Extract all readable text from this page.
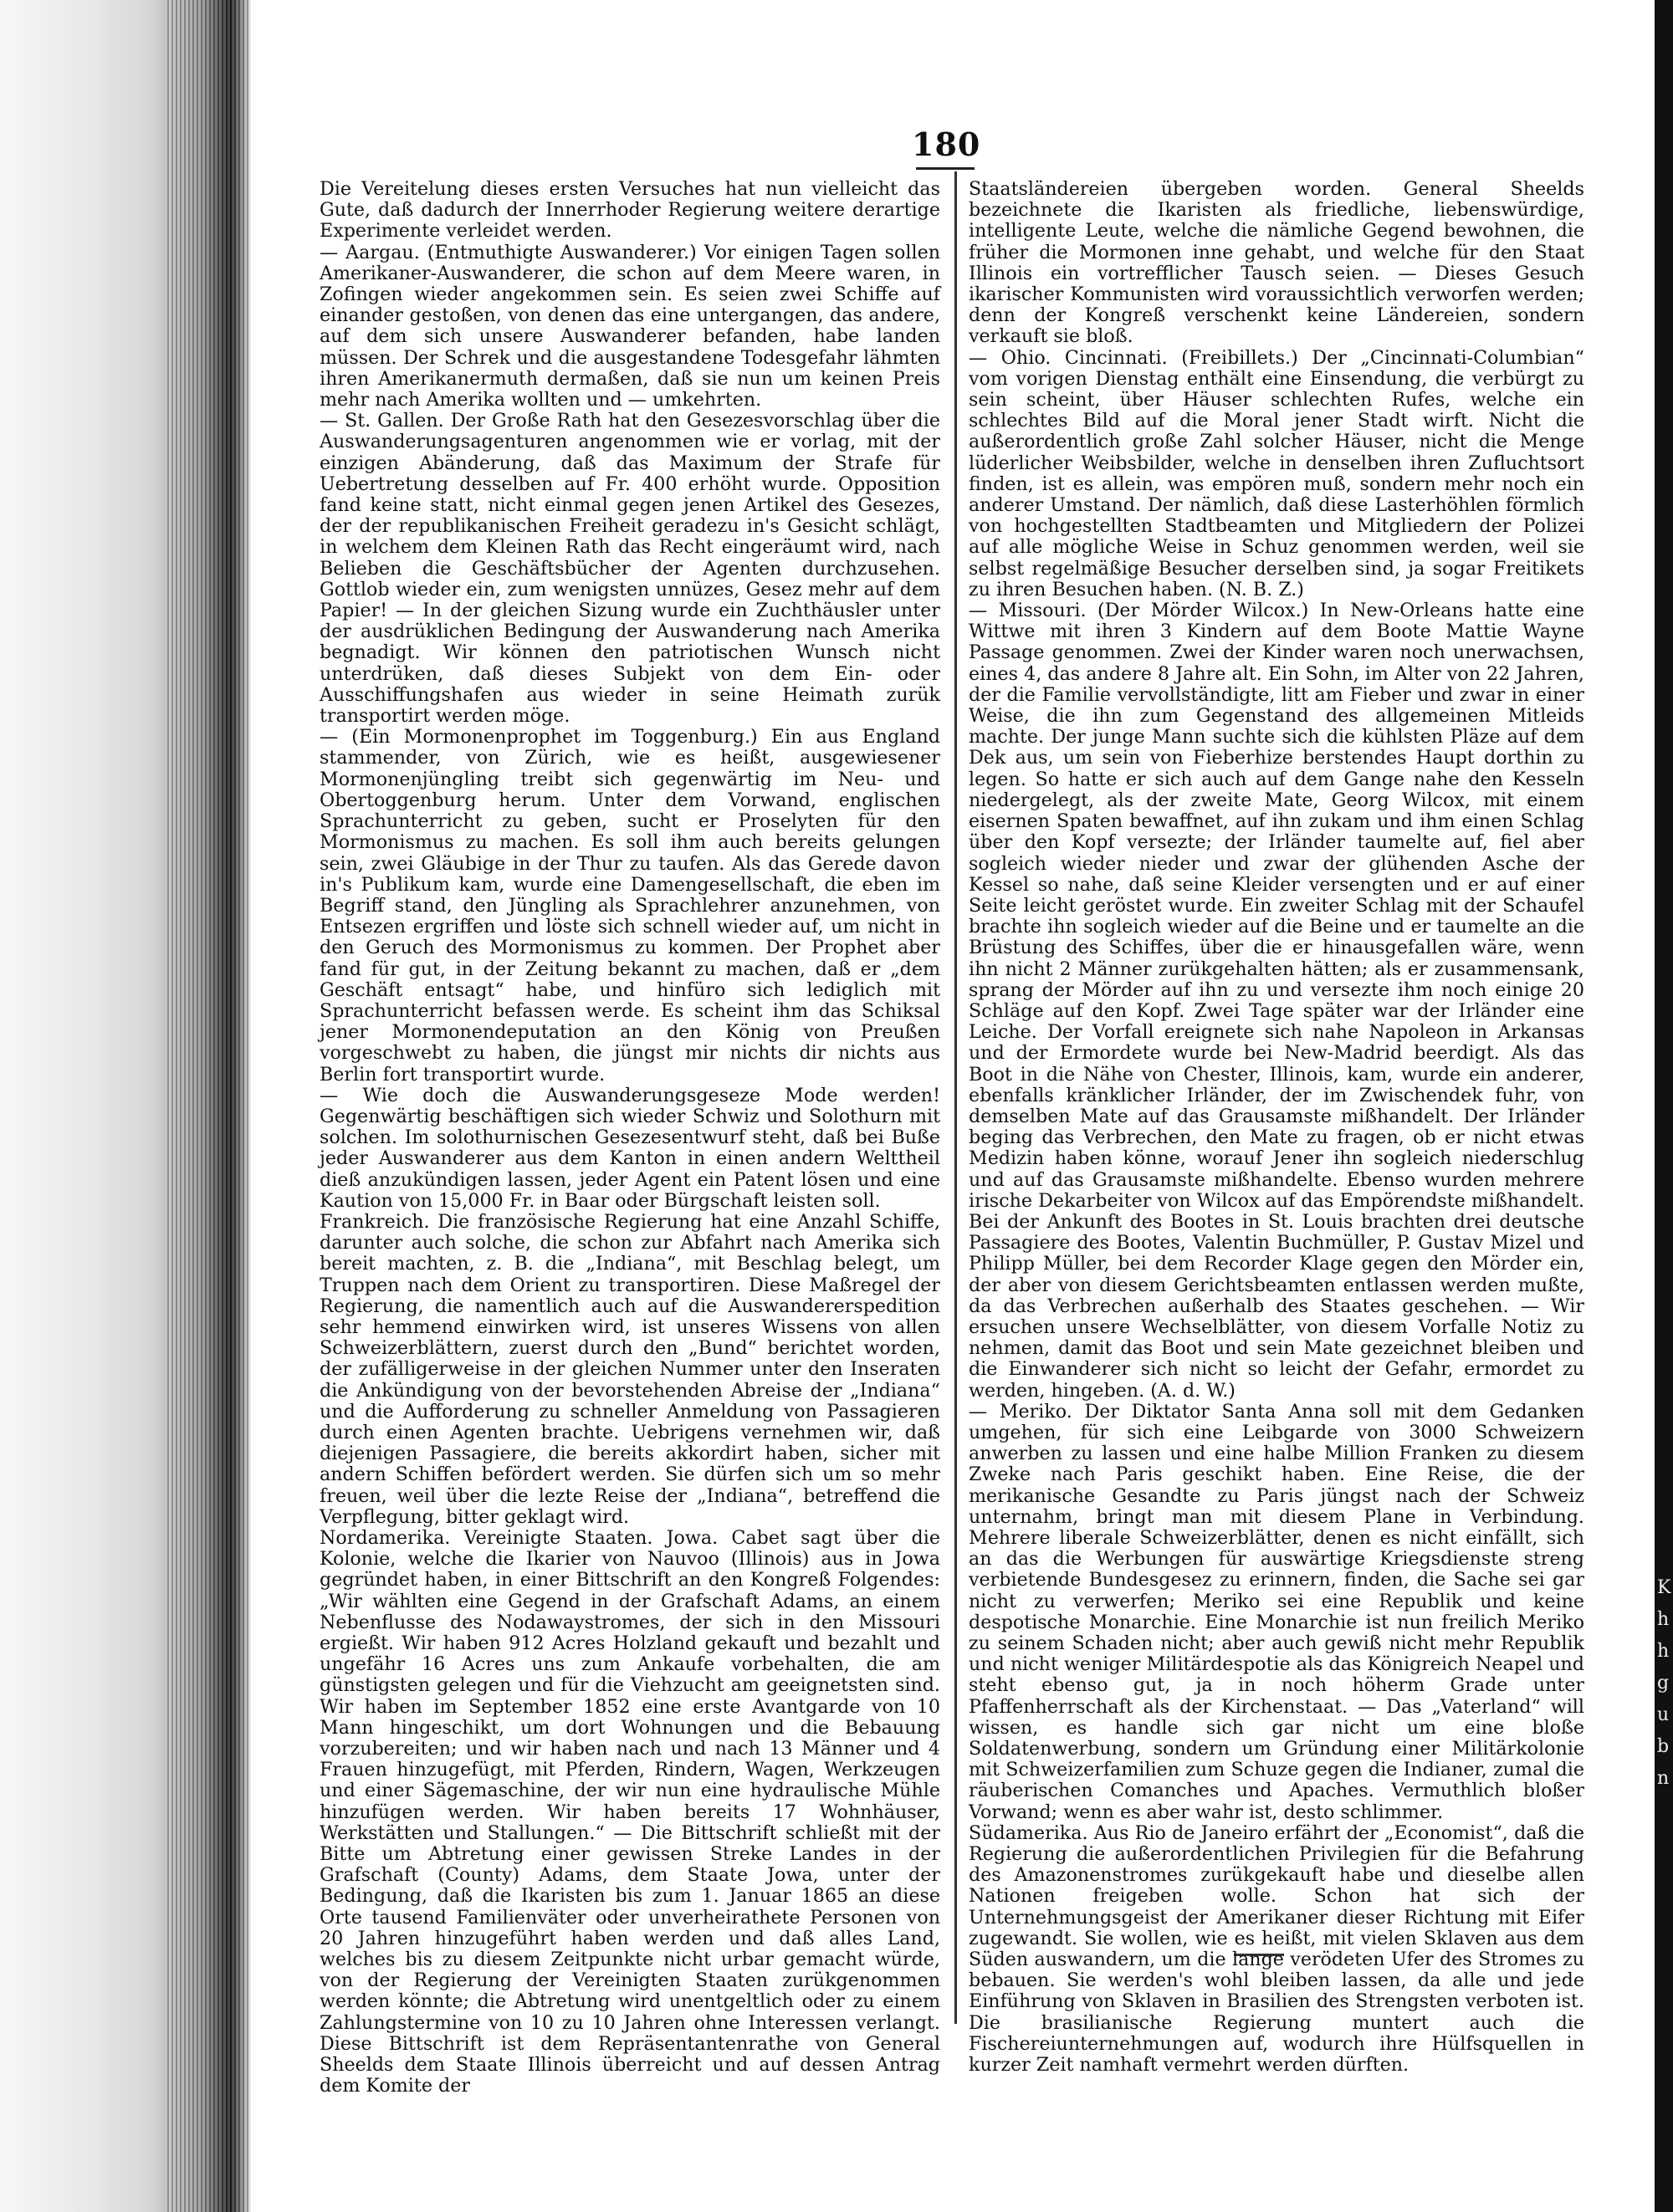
K
h
h
g
u
b
n
180

Die Vereitelung dieses ersten Versuches hat nun vielleicht das Gute, daß dadurch der Innerrhoder Regierung weitere derartige Experimente verleidet werden.

— Aargau. (Entmuthigte Auswanderer.) Vor einigen Tagen sollen Amerikaner-Auswanderer, die schon auf dem Meere waren, in Zofingen wieder angekommen sein. Es seien zwei Schiffe auf einander gestoßen, von denen das eine untergangen, das andere, auf dem sich unsere Auswanderer befanden, habe landen müssen. Der Schrek und die ausgestandene Todesgefahr lähmten ihren Amerikanermuth dermaßen, daß sie nun um keinen Preis mehr nach Amerika wollten und — umkehrten.

— St. Gallen. Der Große Rath hat den Gesezesvorschlag über die Auswanderungsagenturen angenommen wie er vorlag, mit der einzigen Abänderung, daß das Maximum der Strafe für Uebertretung desselben auf Fr. 400 erhöht wurde. Opposition fand keine statt, nicht einmal gegen jenen Artikel des Gesezes, der der republikanischen Freiheit geradezu in's Gesicht schlägt, in welchem dem Kleinen Rath das Recht eingeräumt wird, nach Belieben die Geschäftsbücher der Agenten durchzusehen. Gottlob wieder ein, zum wenigsten unnüzes, Gesez mehr auf dem Papier! — In der gleichen Sizung wurde ein Zuchthäusler unter der ausdrüklichen Bedingung der Auswanderung nach Amerika begnadigt. Wir können den patriotischen Wunsch nicht unterdrüken, daß dieses Subjekt von dem Ein- oder Ausschiffungshafen aus wieder in seine Heimath zurük transportirt werden möge.

— (Ein Mormonenprophet im Toggenburg.) Ein aus England stammender, von Zürich, wie es heißt, ausgewiesener Mormonenjüngling treibt sich gegenwärtig im Neu- und Obertoggenburg herum. Unter dem Vorwand, englischen Sprachunterricht zu geben, sucht er Proselyten für den Mormonismus zu machen. Es soll ihm auch bereits gelungen sein, zwei Gläubige in der Thur zu taufen. Als das Gerede davon in's Publikum kam, wurde eine Damengesellschaft, die eben im Begriff stand, den Jüngling als Sprachlehrer anzunehmen, von Entsezen ergriffen und löste sich schnell wieder auf, um nicht in den Geruch des Mormonismus zu kommen. Der Prophet aber fand für gut, in der Zeitung bekannt zu machen, daß er „dem Geschäft entsagt“ habe, und hinfüro sich lediglich mit Sprachunterricht befassen werde. Es scheint ihm das Schiksal jener Mormonendeputation an den König von Preußen vorgeschwebt zu haben, die jüngst mir nichts dir nichts aus Berlin fort transportirt wurde.

— Wie doch die Auswanderungsgeseze Mode werden! Gegenwärtig beschäftigen sich wieder Schwiz und Solothurn mit solchen. Im solothurnischen Gesezesentwurf steht, daß bei Buße jeder Auswanderer aus dem Kanton in einen andern Welttheil dieß anzukündigen lassen, jeder Agent ein Patent lösen und eine Kaution von 15,000 Fr. in Baar oder Bürgschaft leisten soll.

Frankreich. Die französische Regierung hat eine Anzahl Schiffe, darunter auch solche, die schon zur Abfahrt nach Amerika sich bereit machten, z. B. die „Indiana“, mit Beschlag belegt, um Truppen nach dem Orient zu transportiren. Diese Maßregel der Regierung, die namentlich auch auf die Auswandererspedition sehr hemmend einwirken wird, ist unseres Wissens von allen Schweizerblättern, zuerst durch den „Bund“ berichtet worden, der zufälligerweise in der gleichen Nummer unter den Inseraten die Ankündigung von der bevorstehenden Abreise der „Indiana“ und die Aufforderung zu schneller Anmeldung von Passagieren durch einen Agenten brachte. Uebrigens vernehmen wir, daß diejenigen Passagiere, die bereits akkordirt haben, sicher mit andern Schiffen befördert werden. Sie dürfen sich um so mehr freuen, weil über die lezte Reise der „Indiana“, betreffend die Verpflegung, bitter geklagt wird.

Nordamerika. Vereinigte Staaten. Jowa. Cabet sagt über die Kolonie, welche die Ikarier von Nauvoo (Illinois) aus in Jowa gegründet haben, in einer Bittschrift an den Kongreß Folgendes: „Wir wählten eine Gegend in der Grafschaft Adams, an einem Nebenflusse des Nodawaystromes, der sich in den Missouri ergießt. Wir haben 912 Acres Holzland gekauft und bezahlt und ungefähr 16 Acres uns zum Ankaufe vorbehalten, die am günstigsten gelegen und für die Viehzucht am geeignetsten sind. Wir haben im September 1852 eine erste Avantgarde von 10 Mann hingeschikt, um dort Wohnungen und die Bebauung vorzubereiten; und wir haben nach und nach 13 Männer und 4 Frauen hinzugefügt, mit Pferden, Rindern, Wagen, Werkzeugen und einer Sägemaschine, der wir nun eine hydraulische Mühle hinzufügen werden. Wir haben bereits 17 Wohnhäuser, Werkstätten und Stallungen.“ — Die Bittschrift schließt mit der Bitte um Abtretung einer gewissen Streke Landes in der Grafschaft (County) Adams, dem Staate Jowa, unter der Bedingung, daß die Ikaristen bis zum 1. Januar 1865 an diese Orte tausend Familienväter oder unverheirathete Personen von 20 Jahren hinzugeführt haben werden und daß alles Land, welches bis zu diesem Zeitpunkte nicht urbar gemacht würde, von der Regierung der Vereinigten Staaten zurükgenommen werden könnte; die Abtretung wird unentgeltlich oder zu einem Zahlungstermine von 10 zu 10 Jahren ohne Interessen verlangt. Diese Bittschrift ist dem Repräsentantenrathe von General Sheelds dem Staate Illinois überreicht und auf dessen Antrag dem Komite der

Staatsländereien übergeben worden. General Sheelds bezeichnete die Ikaristen als friedliche, liebenswürdige, intelligente Leute, welche die nämliche Gegend bewohnen, die früher die Mormonen inne gehabt, und welche für den Staat Illinois ein vortrefflicher Tausch seien. — Dieses Gesuch ikarischer Kommunisten wird voraussichtlich verworfen werden; denn der Kongreß verschenkt keine Ländereien, sondern verkauft sie bloß.

— Ohio. Cincinnati. (Freibillets.) Der „Cincinnati-Columbian“ vom vorigen Dienstag enthält eine Einsendung, die verbürgt zu sein scheint, über Häuser schlechten Rufes, welche ein schlechtes Bild auf die Moral jener Stadt wirft. Nicht die außerordentlich große Zahl solcher Häuser, nicht die Menge lüderlicher Weibsbilder, welche in denselben ihren Zufluchtsort finden, ist es allein, was empören muß, sondern mehr noch ein anderer Umstand. Der nämlich, daß diese Lasterhöhlen förmlich von hochgestellten Stadtbeamten und Mitgliedern der Polizei auf alle mögliche Weise in Schuz genommen werden, weil sie selbst regelmäßige Besucher derselben sind, ja sogar Freitikets zu ihren Besuchen haben. (N. B. Z.)

— Missouri. (Der Mörder Wilcox.) In New-Orleans hatte eine Wittwe mit ihren 3 Kindern auf dem Boote Mattie Wayne Passage genommen. Zwei der Kinder waren noch unerwachsen, eines 4, das andere 8 Jahre alt. Ein Sohn, im Alter von 22 Jahren, der die Familie vervollständigte, litt am Fieber und zwar in einer Weise, die ihn zum Gegenstand des allgemeinen Mitleids machte. Der junge Mann suchte sich die kühlsten Pläze auf dem Dek aus, um sein von Fieberhize berstendes Haupt dorthin zu legen. So hatte er sich auch auf dem Gange nahe den Kesseln niedergelegt, als der zweite Mate, Georg Wilcox, mit einem eisernen Spaten bewaffnet, auf ihn zukam und ihm einen Schlag über den Kopf versezte; der Irländer taumelte auf, fiel aber sogleich wieder nieder und zwar der glühenden Asche der Kessel so nahe, daß seine Kleider versengten und er auf einer Seite leicht geröstet wurde. Ein zweiter Schlag mit der Schaufel brachte ihn sogleich wieder auf die Beine und er taumelte an die Brüstung des Schiffes, über die er hinausgefallen wäre, wenn ihn nicht 2 Männer zurükgehalten hätten; als er zusammensank, sprang der Mörder auf ihn zu und versezte ihm noch einige 20 Schläge auf den Kopf. Zwei Tage später war der Irländer eine Leiche. Der Vorfall ereignete sich nahe Napoleon in Arkansas und der Ermordete wurde bei New-Madrid beerdigt. Als das Boot in die Nähe von Chester, Illinois, kam, wurde ein anderer, ebenfalls kränklicher Irländer, der im Zwischendek fuhr, von demselben Mate auf das Grausamste mißhandelt. Der Irländer beging das Verbrechen, den Mate zu fragen, ob er nicht etwas Medizin haben könne, worauf Jener ihn sogleich niederschlug und auf das Grausamste mißhandelte. Ebenso wurden mehrere irische Dekarbeiter von Wilcox auf das Empörendste mißhandelt. Bei der Ankunft des Bootes in St. Louis brachten drei deutsche Passagiere des Bootes, Valentin Buchmüller, P. Gustav Mizel und Philipp Müller, bei dem Recorder Klage gegen den Mörder ein, der aber von diesem Gerichtsbeamten entlassen werden mußte, da das Verbrechen außerhalb des Staates geschehen. — Wir ersuchen unsere Wechselblätter, von diesem Vorfalle Notiz zu nehmen, damit das Boot und sein Mate gezeichnet bleiben und die Einwanderer sich nicht so leicht der Gefahr, ermordet zu werden, hingeben. (A. d. W.)

— Meriko. Der Diktator Santa Anna soll mit dem Gedanken umgehen, für sich eine Leibgarde von 3000 Schweizern anwerben zu lassen und eine halbe Million Franken zu diesem Zweke nach Paris geschikt haben. Eine Reise, die der merikanische Gesandte zu Paris jüngst nach der Schweiz unternahm, bringt man mit diesem Plane in Verbindung. Mehrere liberale Schweizerblätter, denen es nicht einfällt, sich an das die Werbungen für auswärtige Kriegsdienste streng verbietende Bundesgesez zu erinnern, finden, die Sache sei gar nicht zu verwerfen; Meriko sei eine Republik und keine despotische Monarchie. Eine Monarchie ist nun freilich Meriko zu seinem Schaden nicht; aber auch gewiß nicht mehr Republik und nicht weniger Militärdespotie als das Königreich Neapel und steht ebenso gut, ja in noch höherm Grade unter Pfaffenherrschaft als der Kirchenstaat. — Das „Vaterland“ will wissen, es handle sich gar nicht um eine bloße Soldatenwerbung, sondern um Gründung einer Militärkolonie mit Schweizerfamilien zum Schuze gegen die Indianer, zumal die räuberischen Comanches und Apaches. Vermuthlich bloßer Vorwand; wenn es aber wahr ist, desto schlimmer.

Südamerika. Aus Rio de Janeiro erfährt der „Economist“, daß die Regierung die außerordentlichen Privilegien für die Befahrung des Amazonenstromes zurükgekauft habe und dieselbe allen Nationen freigeben wolle. Schon hat sich der Unternehmungsgeist der Amerikaner dieser Richtung mit Eifer zugewandt. Sie wollen, wie es heißt, mit vielen Sklaven aus dem Süden auswandern, um die lange verödeten Ufer des Stromes zu bebauen. Sie werden's wohl bleiben lassen, da alle und jede Einführung von Sklaven in Brasilien des Strengsten verboten ist. Die brasilianische Regierung muntert auch die Fischereiunternehmungen auf, wodurch ihre Hülfsquellen in kurzer Zeit namhaft vermehrt werden dürften.
